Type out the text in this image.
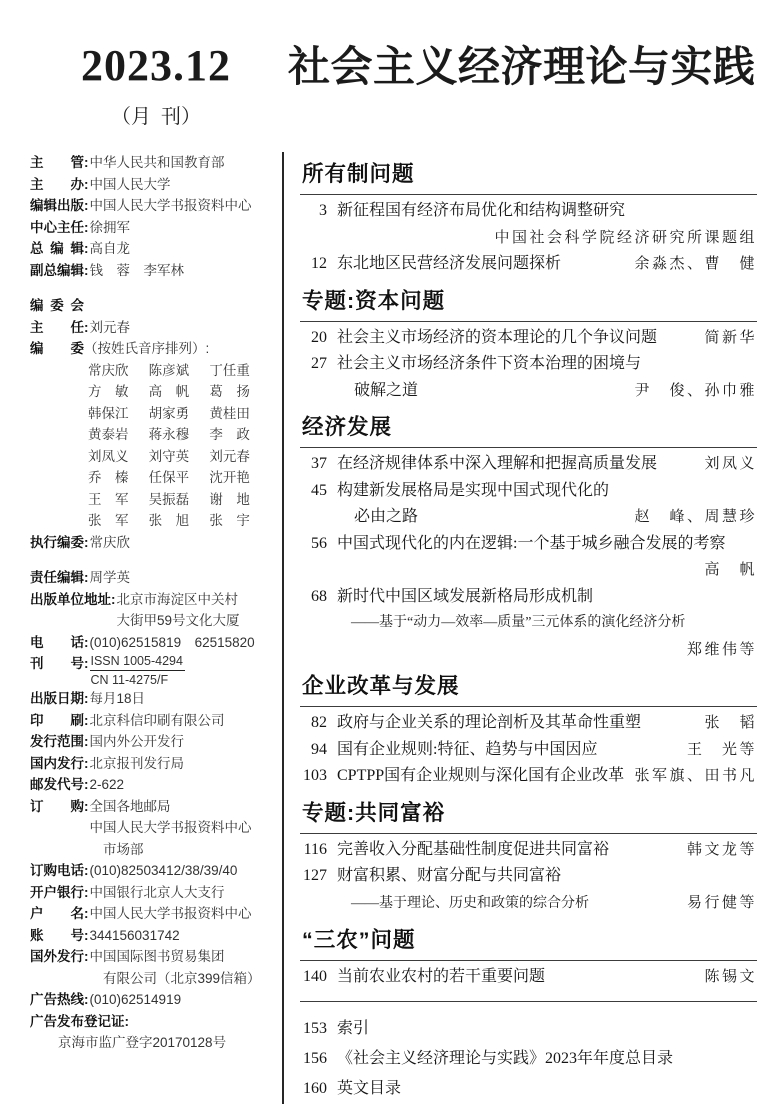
2023.12
（月 刊）
社会主义经济理论与实践
主　　管 : 中华人民共和国教育部
主　　办 : 中国人民大学
编辑出版 : 中国人民大学书报资料中心
中心主任 : 徐拥军
总 编 辑 : 高自龙
副总编辑 : 钱　蓉　李军林
编 委 会
主　　任 : 刘元春
编　　委 （按姓氏音序排列）:
常庆欣	陈彦斌	丁任重
方　敏	高　帆	葛　扬
韩保江	胡家勇	黄桂田
黄泰岩	蒋永穆	李　政
刘凤义	刘守英	刘元春
乔　榛	任保平	沈开艳
王　军	吴振磊	谢　地
张　军	张　旭	张　宇
执行编委 : 常庆欣
责任编辑 : 周学英
出版单位地址 : 北京市海淀区中关村
大街甲59号文化大厦
电　　话 : (010)62515819　62515820
刊　　号 : $\frac{\text{ISSN 1005-4294}}{CN 11-4275/F}$
出版日期 : 每月18日
印　　刷 : 北京科信印刷有限公司
发行范围 : 国内外公开发行
国内发行 : 北京报刊发行局
邮发代号 : 2-622
订　　购 : 全国各地邮局
中国人民大学书报资料中心
　市场部
订购电话 : (010)82503412/38/39/40
开户银行 : 中国银行北京人大支行
户　　名 : 中国人民大学书报资料中心
账　　号 : 344156031742
国外发行 : 中国国际图书贸易集团
　有限公司（北京399信箱）
广告热线 : (010)62514919
广告发布登记证 :
京海市监广登字20170128号
所有制问题
3 新征程国有经济布局优化和结构调整研究
中国社会科学院经济研究所课题组
12 东北地区民营经济发展问题探析	余淼杰、曹　健
专题:资本问题
20 社会主义市场经济的资本理论的几个争议问题	简新华
27 社会主义市场经济条件下资本治理的困境与
破解之道	尹　俊、孙巾雅
经济发展
37 在经济规律体系中深入理解和把握高质量发展	刘凤义
45 构建新发展格局是实现中国式现代化的
必由之路	赵　峰、周慧珍
56 中国式现代化的内在逻辑:一个基于城乡融合发展的考察
高　帆
68 新时代中国区域发展新格局形成机制
——基于“动力—效率—质量”三元体系的演化经济分析
郑维伟等
企业改革与发展
82 政府与企业关系的理论剖析及其革命性重塑	张　韬
94 国有企业规则:特征、趋势与中国因应	王　光等
103 CPTPP国有企业规则与深化国有企业改革 张军旗、田书凡
专题:共同富裕
116 完善收入分配基础性制度促进共同富裕	韩文龙等
127 财富积累、财富分配与共同富裕
——基于理论、历史和政策的综合分析	易行健等
“三农”问题
140 当前农业农村的若干重要问题	陈锡文
153 索引
156 《社会主义经济理论与实践》2023年年度总目录
160 英文目录
